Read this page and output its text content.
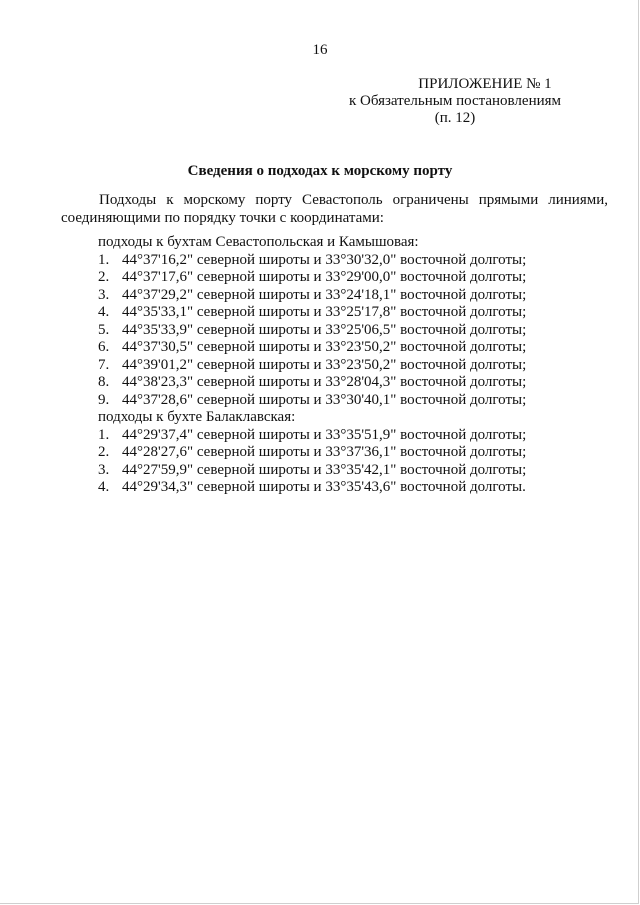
16
ПРИЛОЖЕНИЕ № 1
к Обязательным постановлениям
(п. 12)
Сведения о подходах к морскому порту
Подходы к морскому порту Севастополь ограничены прямыми линиями,
соединяющими по порядку точки с координатами:
подходы к бухтам Севастопольская и Камышовая:
1. 44°37'16,2" северной широты и 33°30'32,0" восточной долготы;
2. 44°37'17,6" северной широты и 33°29'00,0" восточной долготы;
3. 44°37'29,2" северной широты и 33°24'18,1" восточной долготы;
4. 44°35'33,1" северной широты и 33°25'17,8" восточной долготы;
5. 44°35'33,9" северной широты и 33°25'06,5" восточной долготы;
6. 44°37'30,5" северной широты и 33°23'50,2" восточной долготы;
7. 44°39'01,2" северной широты и 33°23'50,2" восточной долготы;
8. 44°38'23,3" северной широты и 33°28'04,3" восточной долготы;
9. 44°37'28,6" северной широты и 33°30'40,1" восточной долготы;
подходы к бухте Балаклавская:
1. 44°29'37,4" северной широты и 33°35'51,9" восточной долготы;
2. 44°28'27,6" северной широты и 33°37'36,1" восточной долготы;
3. 44°27'59,9" северной широты и 33°35'42,1" восточной долготы;
4. 44°29'34,3" северной широты и 33°35'43,6" восточной долготы.
